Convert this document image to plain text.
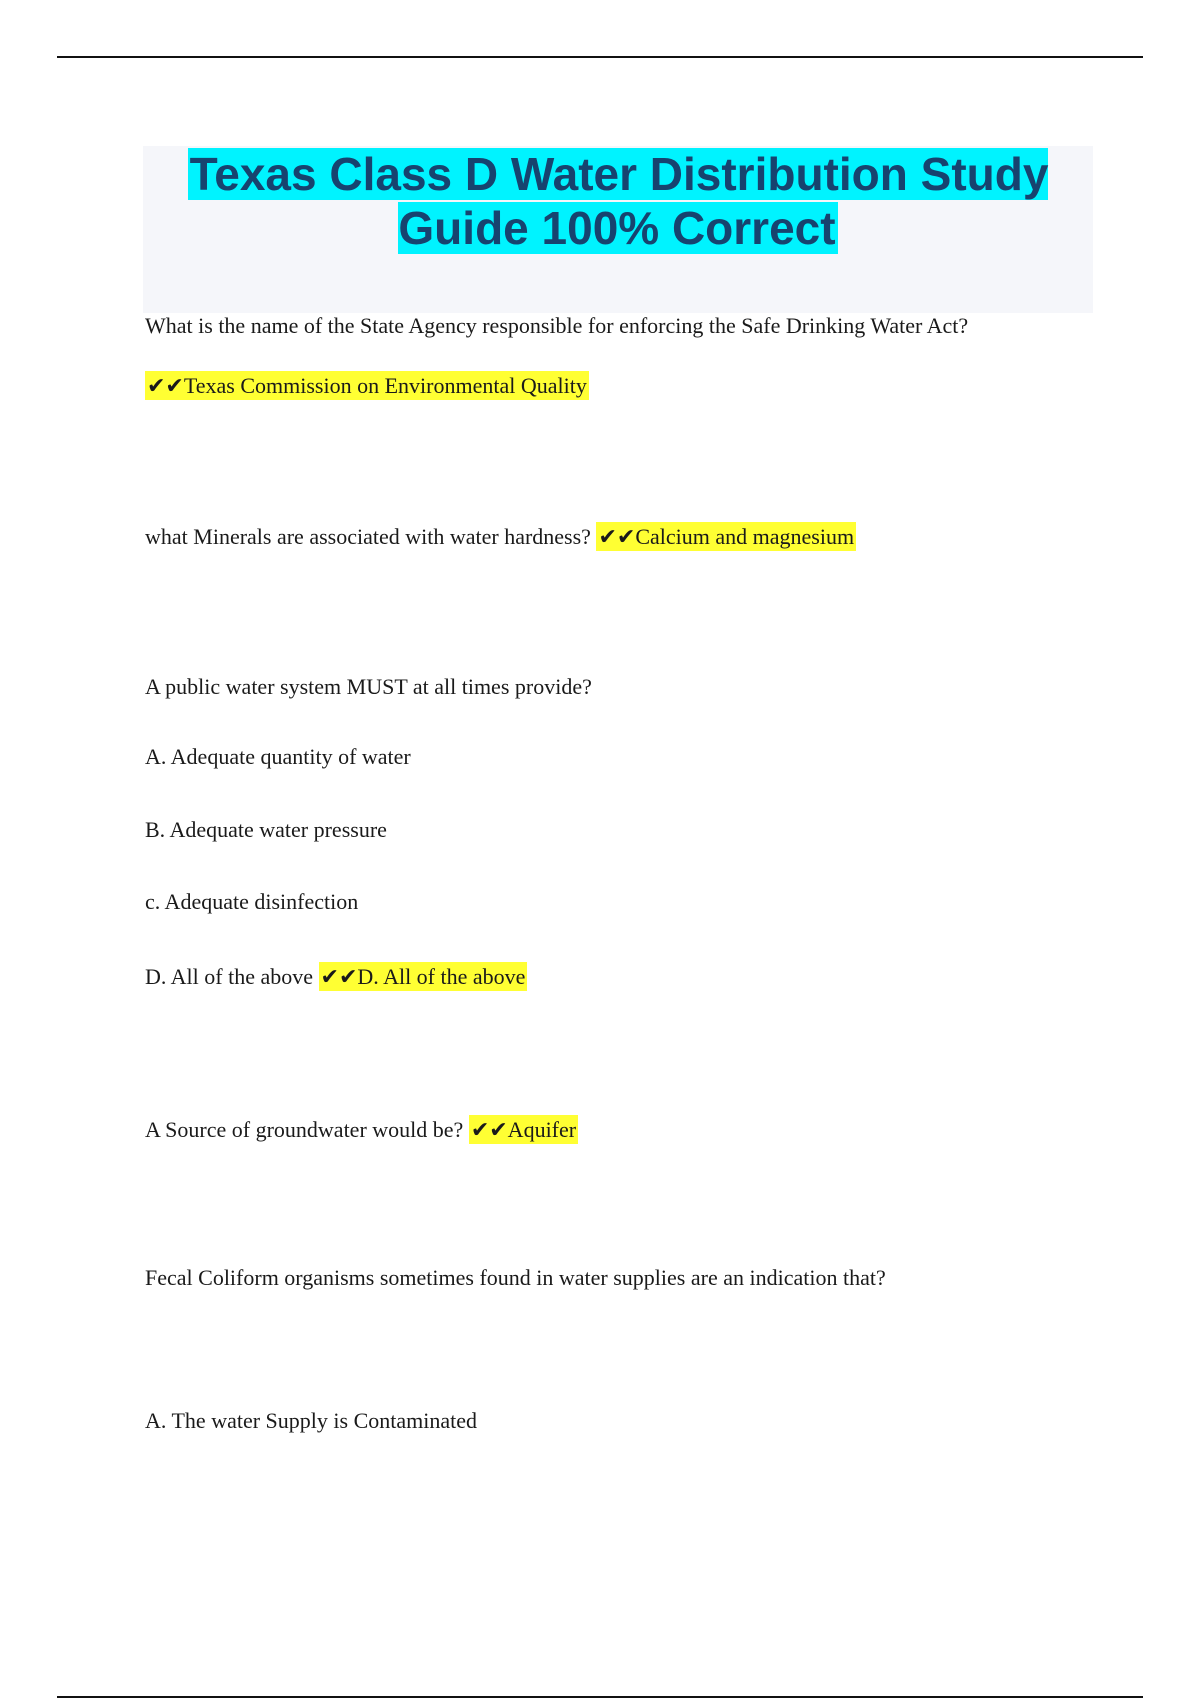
Texas Class D Water Distribution Study Guide 100% Correct
What is the name of the State Agency responsible for enforcing the Safe Drinking Water Act?
✔✔Texas Commission on Environmental Quality
what Minerals are associated with water hardness? ✔✔Calcium and magnesium
A public water system MUST at all times provide?
A. Adequate quantity of water
B. Adequate water pressure
c. Adequate disinfection
D. All of the above ✔✔D. All of the above
A Source of groundwater would be? ✔✔Aquifer
Fecal Coliform organisms sometimes found in water supplies are an indication that?
A. The water Supply is Contaminated
